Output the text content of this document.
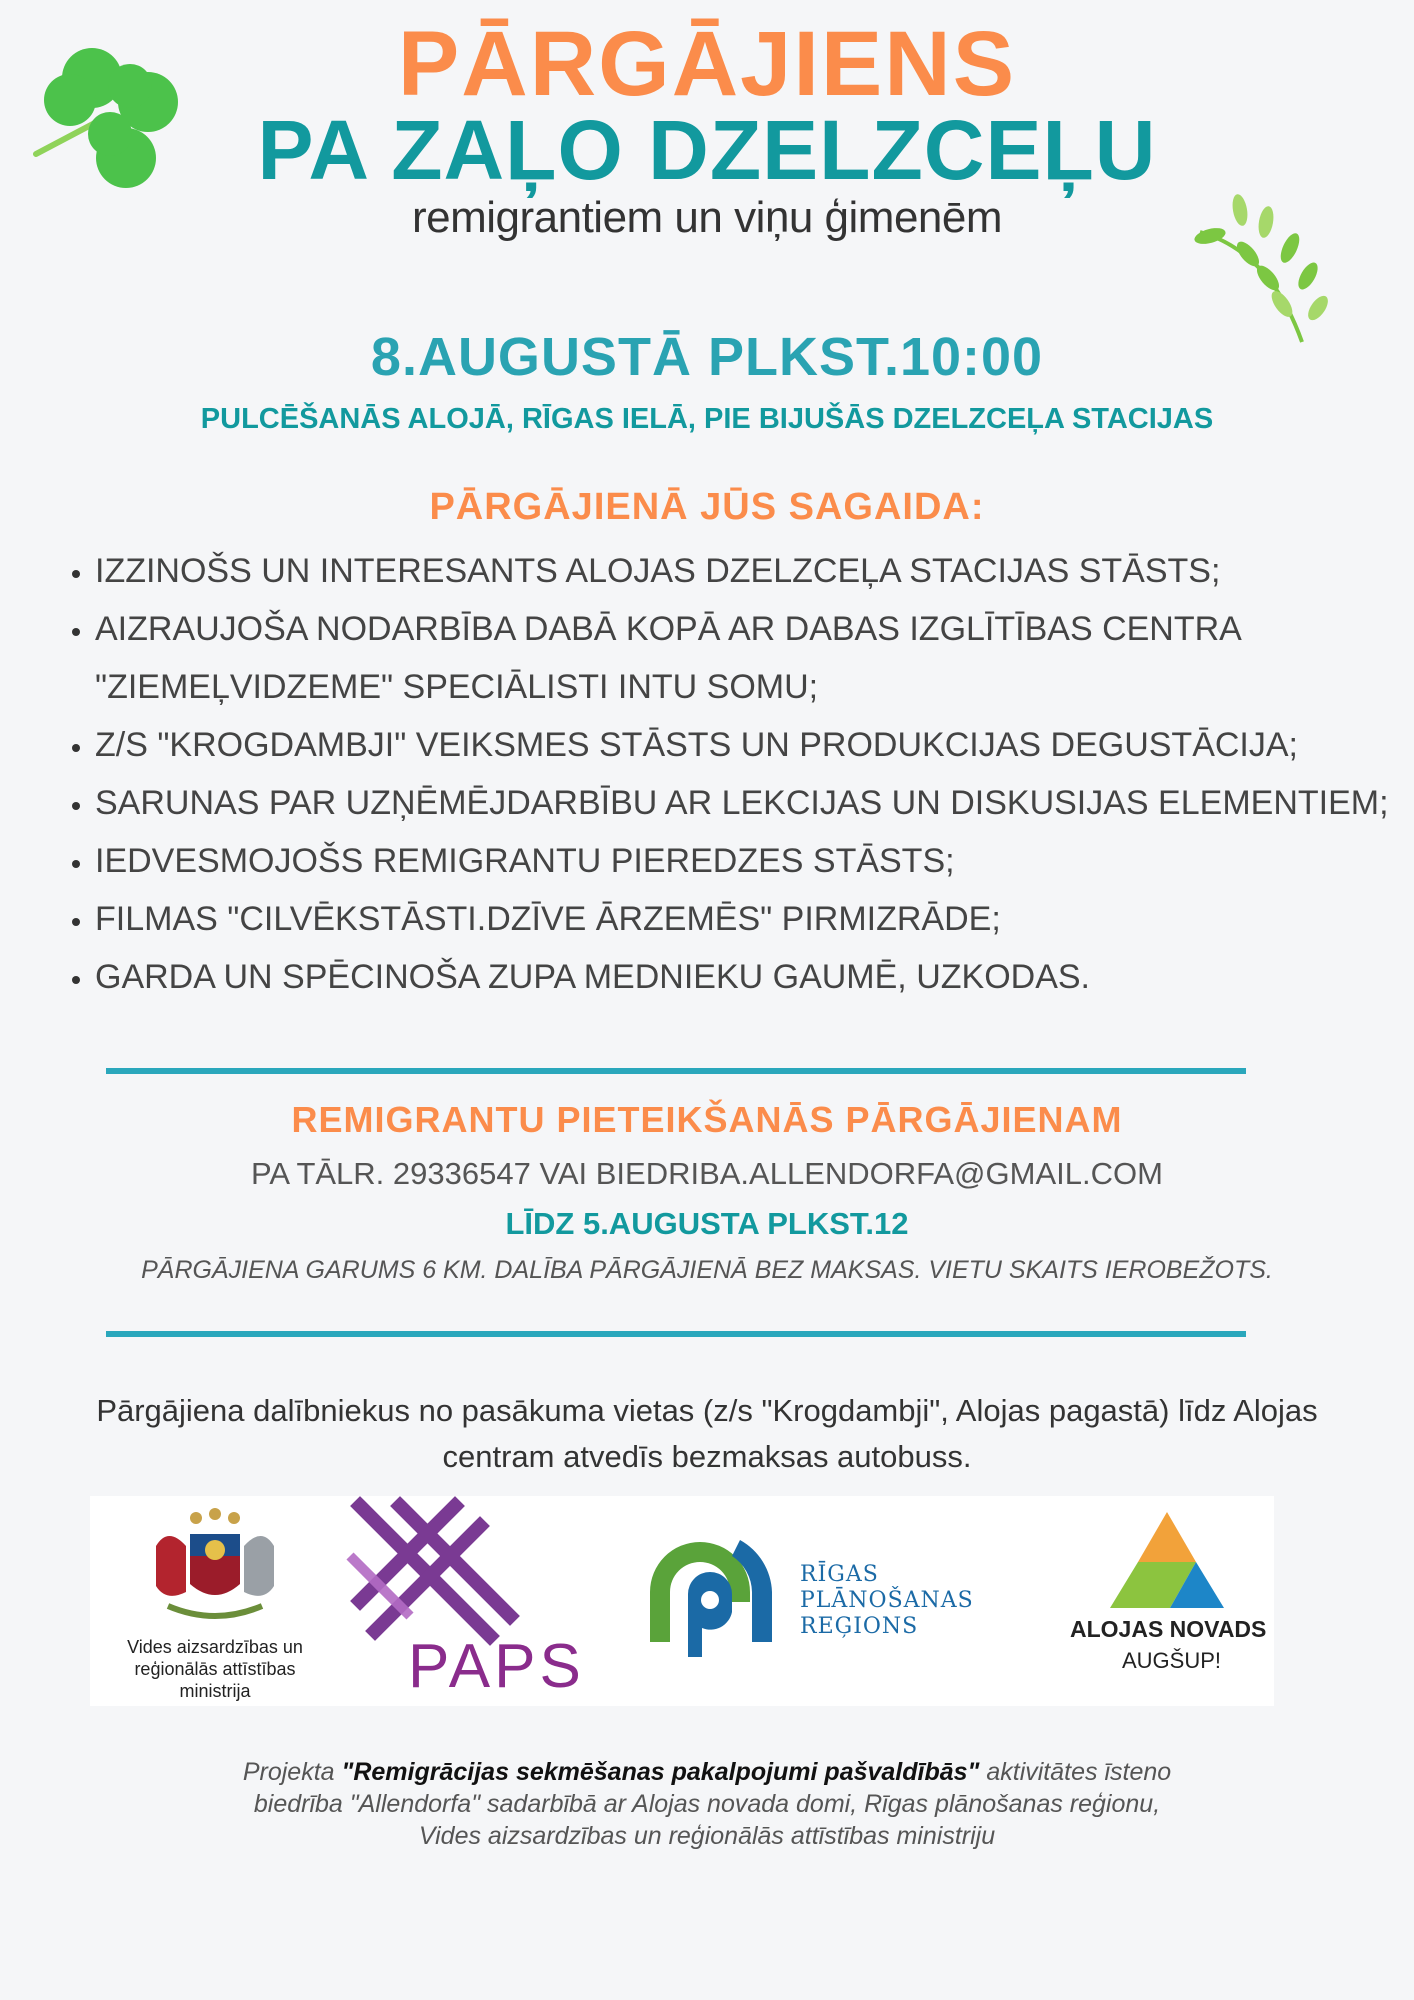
PĀRGĀJIENS
PA ZAĻO DZELZCEĻU
remigrantiem un viņu ģimenēm
8.AUGUSTĀ PLKST.10:00
PULCĒŠANĀS ALOJĀ, RĪGAS IELĀ, PIE BIJUŠĀS DZELZCEĻA STACIJAS
PĀRGĀJIENĀ JŪS SAGAIDA:
• IZZINOŠS UN INTERESANTS ALOJAS DZELZCEĻA STACIJAS STĀSTS;
• AIZRAUJOŠA NODARBĪBA DABĀ KOPĀ AR DABAS IZGLĪTĪBAS CENTRA "ZIEMEĻVIDZEME" SPECIĀLISTI INTU SOMU;
• Z/S "KROGDAMBJI" VEIKSMES STĀSTS UN PRODUKCIJAS DEGUSTĀCIJA;
• SARUNAS PAR UZŅĒMĒJDARBĪBU AR LEKCIJAS UN DISKUSIJAS ELEMENTIEM;
• IEDVESMOJOŠS REMIGRANTU PIEREDZES STĀSTS;
• FILMAS "CILVĒKSTĀSTI.DZĪVE ĀRZEMĒS" PIRMIZRĀDE;
• GARDA UN SPĒCINOŠA ZUPA MEDNIEKU GAUMĒ, UZKODAS.
REMIGRANTU PIETEIKŠANĀS PĀRGĀJIENAM
PA TĀLR. 29336547 VAI BIEDRIBA.ALLENDORFA@GMAIL.COM
LĪDZ 5.AUGUSTA PLKST.12
PĀRGĀJIENA GARUMS 6 KM. DALĪBA PĀRGĀJIENĀ BEZ MAKSAS. VIETU SKAITS IEROBEŽOTS.
Pārgājiena dalībniekus no pasākuma vietas (z/s "Krogdambji", Alojas pagastā) līdz Alojas centram atvedīs bezmaksas autobuss.
Vides aizsardzības un
reģionālās attīstības
ministrija	PAPS
RĪGAS
PLĀNOŠANAS
REĢIONS	ALOJAS NOVADS
AUGŠUP!
Projekta "Remigrācijas sekmēšanas pakalpojumi pašvaldībās" aktivitātes īsteno
biedrība "Allendorfa" sadarbībā ar Alojas novada domi, Rīgas plānošanas reģionu,
Vides aizsardzības un reģionālās attīstības ministriju
